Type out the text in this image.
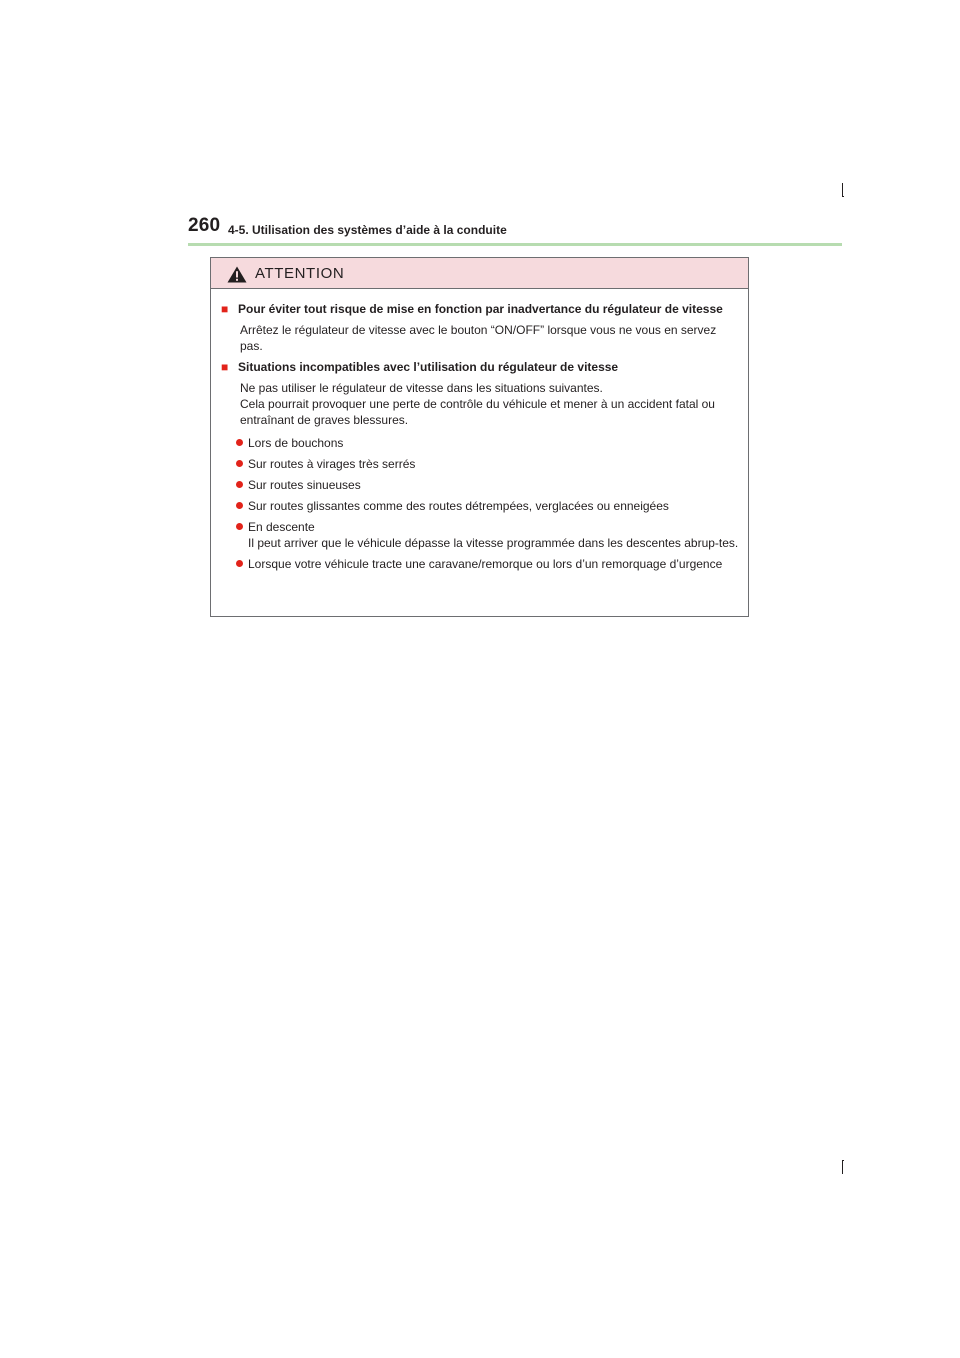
260 4-5. Utilisation des systèmes d’aide à la conduite
ATTENTION
■ Pour éviter tout risque de mise en fonction par inadvertance du régulateur de vitesse
Arrêtez le régulateur de vitesse avec le bouton “ON/OFF” lorsque vous ne vous en servez pas.
■ Situations incompatibles avec l’utilisation du régulateur de vitesse
Ne pas utiliser le régulateur de vitesse dans les situations suivantes.
Cela pourrait provoquer une perte de contrôle du véhicule et mener à un accident fatal ou entraînant de graves blessures.
Lors de bouchons
Sur routes à virages très serrés
Sur routes sinueuses
Sur routes glissantes comme des routes détrempées, verglacées ou enneigées
En descente
Il peut arriver que le véhicule dépasse la vitesse programmée dans les descentes abrup-tes.
Lorsque votre véhicule tracte une caravane/remorque ou lors d’un remorquage d’urgence
